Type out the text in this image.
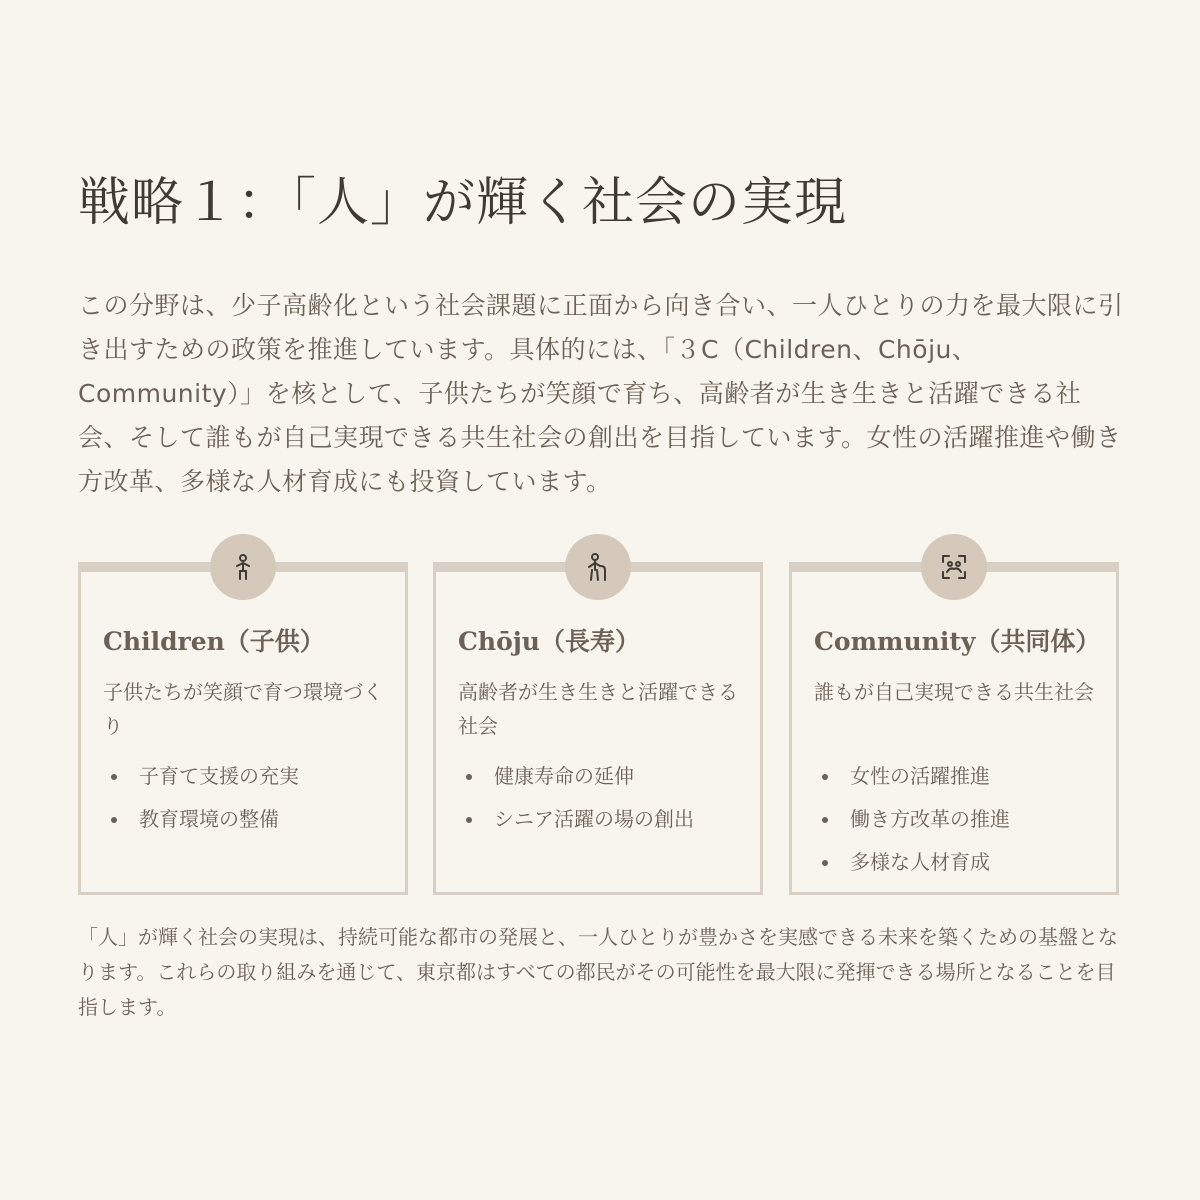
戦略１：「人」が輝く社会の実現

この分野は、少子高齢化という社会課題に正面から向き合い、一人ひとりの力を最大限に引き出すための政策を推進しています。具体的には、「３C（Children、Chōju、Community）」を核として、子供たちが笑顔で育ち、高齢者が生き生きと活躍できる社会、そして誰もが自己実現できる共生社会の創出を目指しています。女性の活躍推進や働き方改革、多様な人材育成にも投資しています。

Children（子供）

子供たちが笑顔で育つ環境づくり

子育て支援の充実
教育環境の整備
Chōju（長寿）

高齢者が生き生きと活躍できる社会

健康寿命の延伸
シニア活躍の場の創出
Community（共同体）

誰もが自己実現できる共生社会

女性の活躍推進
働き方改革の推進
多様な人材育成

「人」が輝く社会の実現は、持続可能な都市の発展と、一人ひとりが豊かさを実感できる未来を築くための基盤となります。これらの取り組みを通じて、東京都はすべての都民がその可能性を最大限に発揮できる場所となることを目指します。
